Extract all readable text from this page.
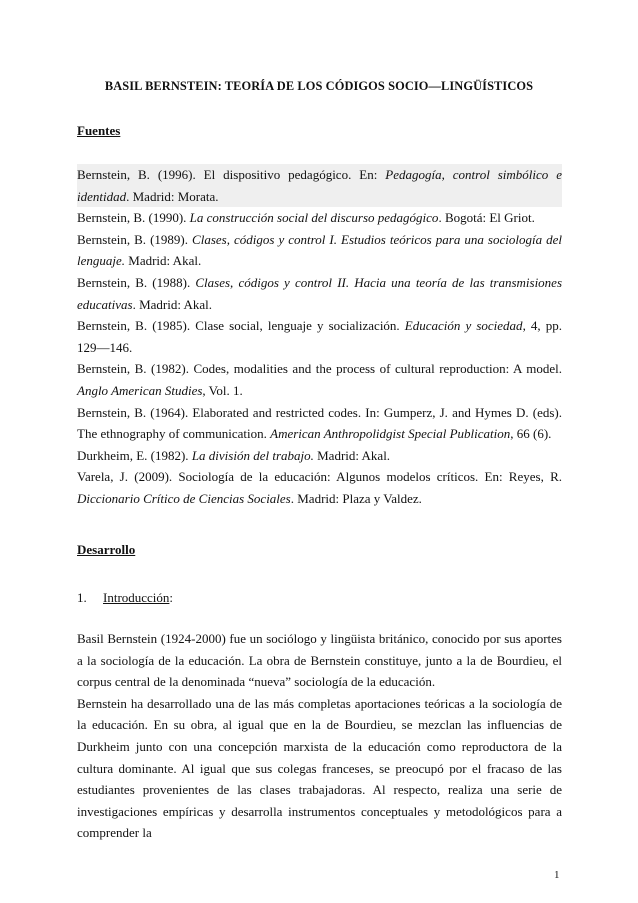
BASIL BERNSTEIN: TEORÍA DE LOS CÓDIGOS SOCIO—LINGÜÍSTICOS
Fuentes

Bernstein, B. (1996). El dispositivo pedagógico. En: Pedagogía, control simbólico e identidad. Madrid: Morata.

Bernstein, B. (1990). La construcción social del discurso pedagógico. Bogotá: El Griot.

Bernstein, B. (1989). Clases, códigos y control I. Estudios teóricos para una sociología del lenguaje. Madrid: Akal.

Bernstein, B. (1988). Clases, códigos y control II. Hacia una teoría de las transmisiones educativas. Madrid: Akal.

Bernstein, B. (1985). Clase social, lenguaje y socialización. Educación y sociedad, 4, pp. 129—146.

Bernstein, B. (1982). Codes, modalities and the process of cultural reproduction: A model. Anglo American Studies, Vol. 1.

Bernstein, B. (1964). Elaborated and restricted codes. In: Gumperz, J. and Hymes D. (eds). The ethnography of communication. American Anthropolidgist Special Publication, 66 (6).

Durkheim, E. (1982). La división del trabajo. Madrid: Akal.

Varela, J. (2009). Sociología de la educación: Algunos modelos críticos. En: Reyes, R. Diccionario Crítico de Ciencias Sociales. Madrid: Plaza y Valdez.

Desarrollo
1. Introducción:

Basil Bernstein (1924-2000) fue un sociólogo y lingüista británico, conocido por sus aportes a la sociología de la educación. La obra de Bernstein constituye, junto a la de Bourdieu, el corpus central de la denominada “nueva” sociología de la educación.

Bernstein ha desarrollado una de las más completas aportaciones teóricas a la sociología de la educación. En su obra, al igual que en la de Bourdieu, se mezclan las influencias de Durkheim junto con una concepción marxista de la educación como reproductora de la cultura dominante. Al igual que sus colegas franceses, se preocupó por el fracaso de las estudiantes provenientes de las clases trabajadoras. Al respecto, realiza una serie de investigaciones empíricas y desarrolla instrumentos conceptuales y metodológicos para a comprender la

1
